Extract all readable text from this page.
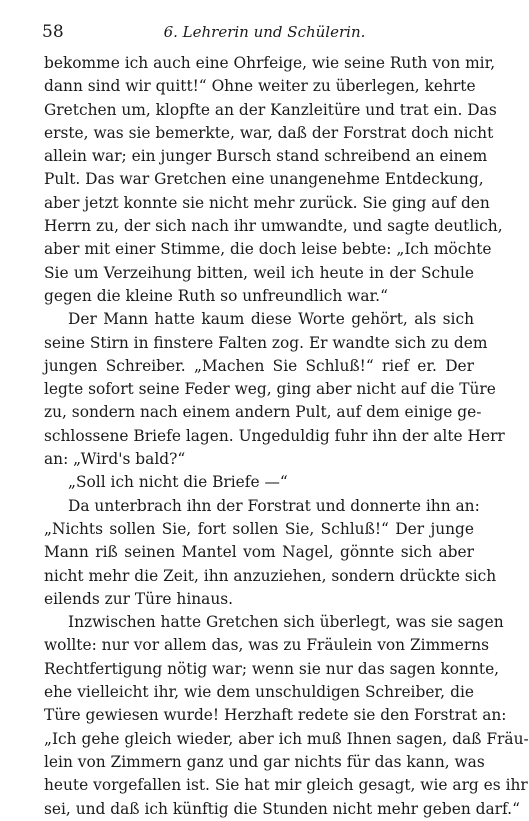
58	6. Lehrerin und Schülerin.
bekomme ich auch eine Ohrfeige, wie seine Ruth von mir,
dann sind wir quitt!“ Ohne weiter zu überlegen, kehrte
Gretchen um, klopfte an der Kanzleitüre und trat ein. Das
erste, was sie bemerkte, war, daß der Forstrat doch nicht
allein war; ein junger Bursch stand schreibend an einem
Pult. Das war Gretchen eine unangenehme Entdeckung,
aber jetzt konnte sie nicht mehr zurück. Sie ging auf den
Herrn zu, der sich nach ihr umwandte, und sagte deutlich,
aber mit einer Stimme, die doch leise bebte: „Ich möchte
Sie um Verzeihung bitten, weil ich heute in der Schule
gegen die kleine Ruth so unfreundlich war.“
Der Mann hatte kaum diese Worte gehört, als sich
seine Stirn in finstere Falten zog. Er wandte sich zu dem
jungen Schreiber. „Machen Sie Schluß!“ rief er. Der
legte sofort seine Feder weg, ging aber nicht auf die Türe
zu, sondern nach einem andern Pult, auf dem einige ge-
schlossene Briefe lagen. Ungeduldig fuhr ihn der alte Herr
an: „Wird's bald?“
„Soll ich nicht die Briefe —“
Da unterbrach ihn der Forstrat und donnerte ihn an:
„Nichts sollen Sie, fort sollen Sie, Schluß!“ Der junge
Mann riß seinen Mantel vom Nagel, gönnte sich aber
nicht mehr die Zeit, ihn anzuziehen, sondern drückte sich
eilends zur Türe hinaus.
Inzwischen hatte Gretchen sich überlegt, was sie sagen
wollte: nur vor allem das, was zu Fräulein von Zimmerns
Rechtfertigung nötig war; wenn sie nur das sagen konnte,
ehe vielleicht ihr, wie dem unschuldigen Schreiber, die
Türe gewiesen wurde! Herzhaft redete sie den Forstrat an:
„Ich gehe gleich wieder, aber ich muß Ihnen sagen, daß Fräu-
lein von Zimmern ganz und gar nichts für das kann, was
heute vorgefallen ist. Sie hat mir gleich gesagt, wie arg es ihr
sei, und daß ich künftig die Stunden nicht mehr geben darf.“
